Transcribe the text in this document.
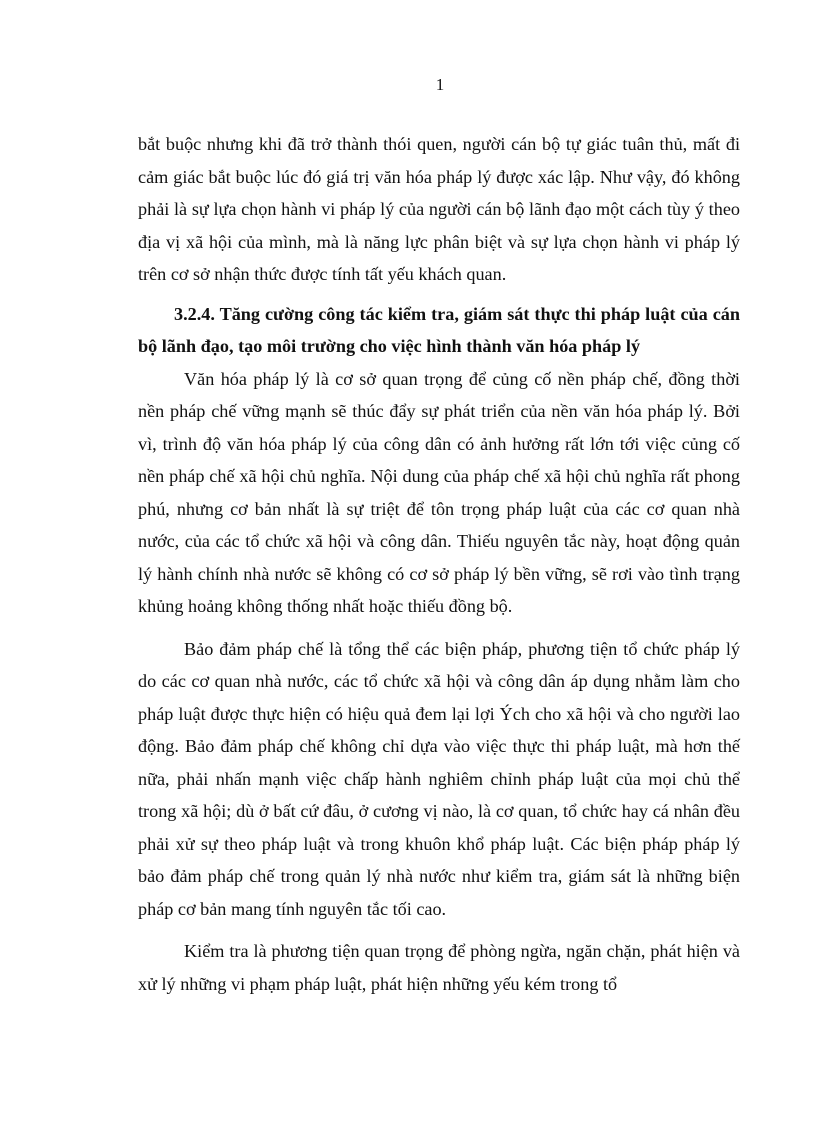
1

bắt buộc nhưng khi đã trở thành thói quen, người cán bộ tự giác tuân thủ, mất đi cảm giác bắt buộc lúc đó giá trị văn hóa pháp lý được xác lập. Như vậy, đó không phải là sự lựa chọn hành vi pháp lý của người cán bộ lãnh đạo một cách tùy ý theo địa vị xã hội của mình, mà là năng lực phân biệt và sự lựa chọn hành vi pháp lý trên cơ sở nhận thức được tính tất yếu khách quan.

3.2.4. Tăng cường công tác kiểm tra, giám sát thực thi pháp luật của cán bộ lãnh đạo, tạo môi trường cho việc hình thành văn hóa pháp lý

Văn hóa pháp lý là cơ sở quan trọng để củng cố nền pháp chế, đồng thời nền pháp chế vững mạnh sẽ thúc đẩy sự phát triển của nền văn hóa pháp lý. Bởi vì, trình độ văn hóa pháp lý của công dân có ảnh hưởng rất lớn tới việc củng cố nền pháp chế xã hội chủ nghĩa. Nội dung của pháp chế xã hội chủ nghĩa rất phong phú, nhưng cơ bản nhất là sự triệt để tôn trọng pháp luật của các cơ quan nhà nước, của các tổ chức xã hội và công dân. Thiếu nguyên tắc này, hoạt động quản lý hành chính nhà nước sẽ không có cơ sở pháp lý bền vững, sẽ rơi vào tình trạng khủng hoảng không thống nhất hoặc thiếu đồng bộ.

Bảo đảm pháp chế là tổng thể các biện pháp, phương tiện tổ chức pháp lý do các cơ quan nhà nước, các tổ chức xã hội và công dân áp dụng nhằm làm cho pháp luật được thực hiện có hiệu quả đem lại lợi Ých cho xã hội và cho người lao động. Bảo đảm pháp chế không chỉ dựa vào việc thực thi pháp luật, mà hơn thế nữa, phải nhấn mạnh việc chấp hành nghiêm chỉnh pháp luật của mọi chủ thể trong xã hội; dù ở bất cứ đâu, ở cương vị nào, là cơ quan, tổ chức hay cá nhân đều phải xử sự theo pháp luật và trong khuôn khổ pháp luật. Các biện pháp pháp lý bảo đảm pháp chế trong quản lý nhà nước như kiểm tra, giám sát là những biện pháp cơ bản mang tính nguyên tắc tối cao.

Kiểm tra là phương tiện quan trọng để phòng ngừa, ngăn chặn, phát hiện và xử lý những vi phạm pháp luật, phát hiện những yếu kém trong tổ
